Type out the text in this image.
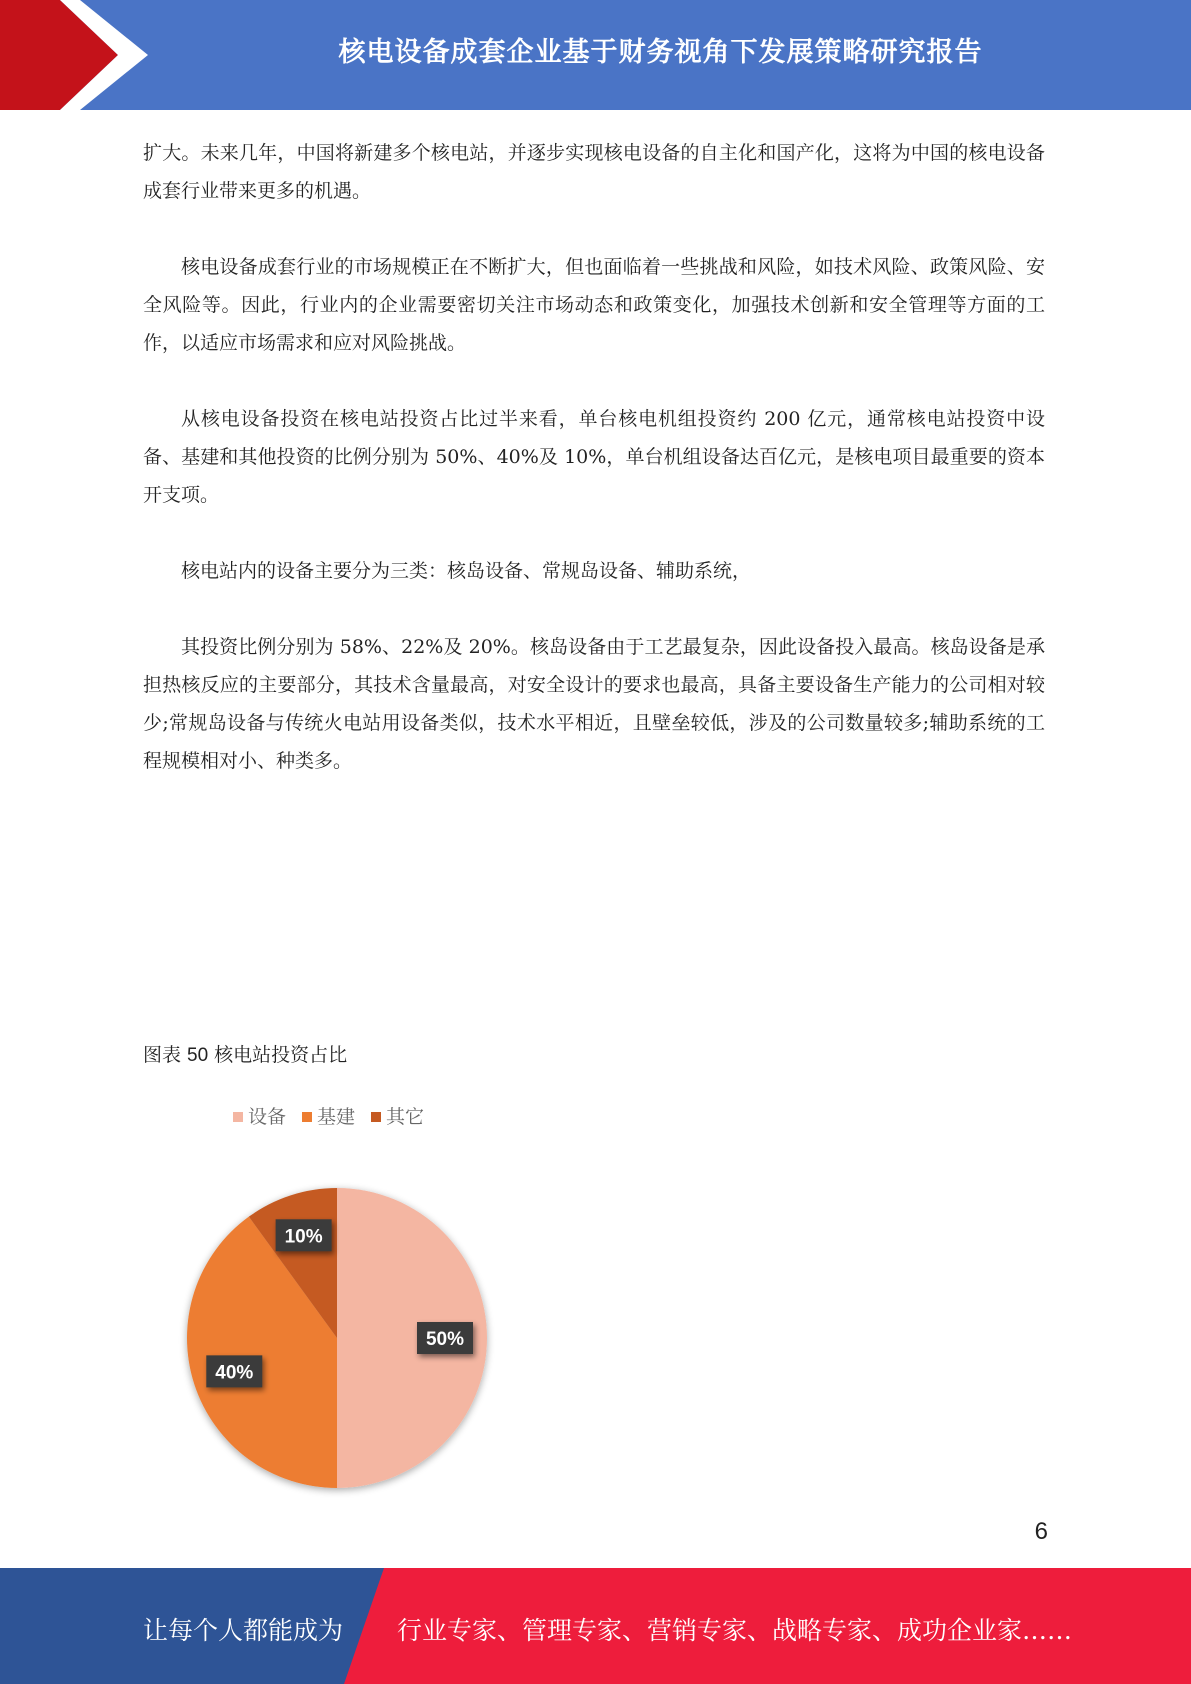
核电设备成套企业基于财务视角下发展策略研究报告

扩大。未来几年，中国将新建多个核电站，并逐步实现核电设备的自主化和国产化，这将为中国的核电设备成套行业带来更多的机遇。

核电设备成套行业的市场规模正在不断扩大，但也面临着一些挑战和风险，如技术风险、政策风险、安全风险等。因此，行业内的企业需要密切关注市场动态和政策变化，加强技术创新和安全管理等方面的工作，以适应市场需求和应对风险挑战。

从核电设备投资在核电站投资占比过半来看，单台核电机组投资约 200 亿元，通常核电站投资中设备、基建和其他投资的比例分别为 50%、40%及 10%，单台机组设备达百亿元，是核电项目最重要的资本开支项。

核电站内的设备主要分为三类：核岛设备、常规岛设备、辅助系统，

其投资比例分别为 58%、22%及 20%。核岛设备由于工艺最复杂，因此设备投入最高。核岛设备是承担热核反应的主要部分，其技术含量最高，对安全设计的要求也最高，具备主要设备生产能力的公司相对较少;常规岛设备与传统火电站用设备类似，技术水平相近，且壁垒较低，涉及的公司数量较多;辅助系统的工程规模相对小、种类多。

图表 50 核电站投资占比
设备 基建 其它
50%
40%
10%
6
让每个人都能成为 行业专家、管理专家、营销专家、战略专家、成功企业家……
